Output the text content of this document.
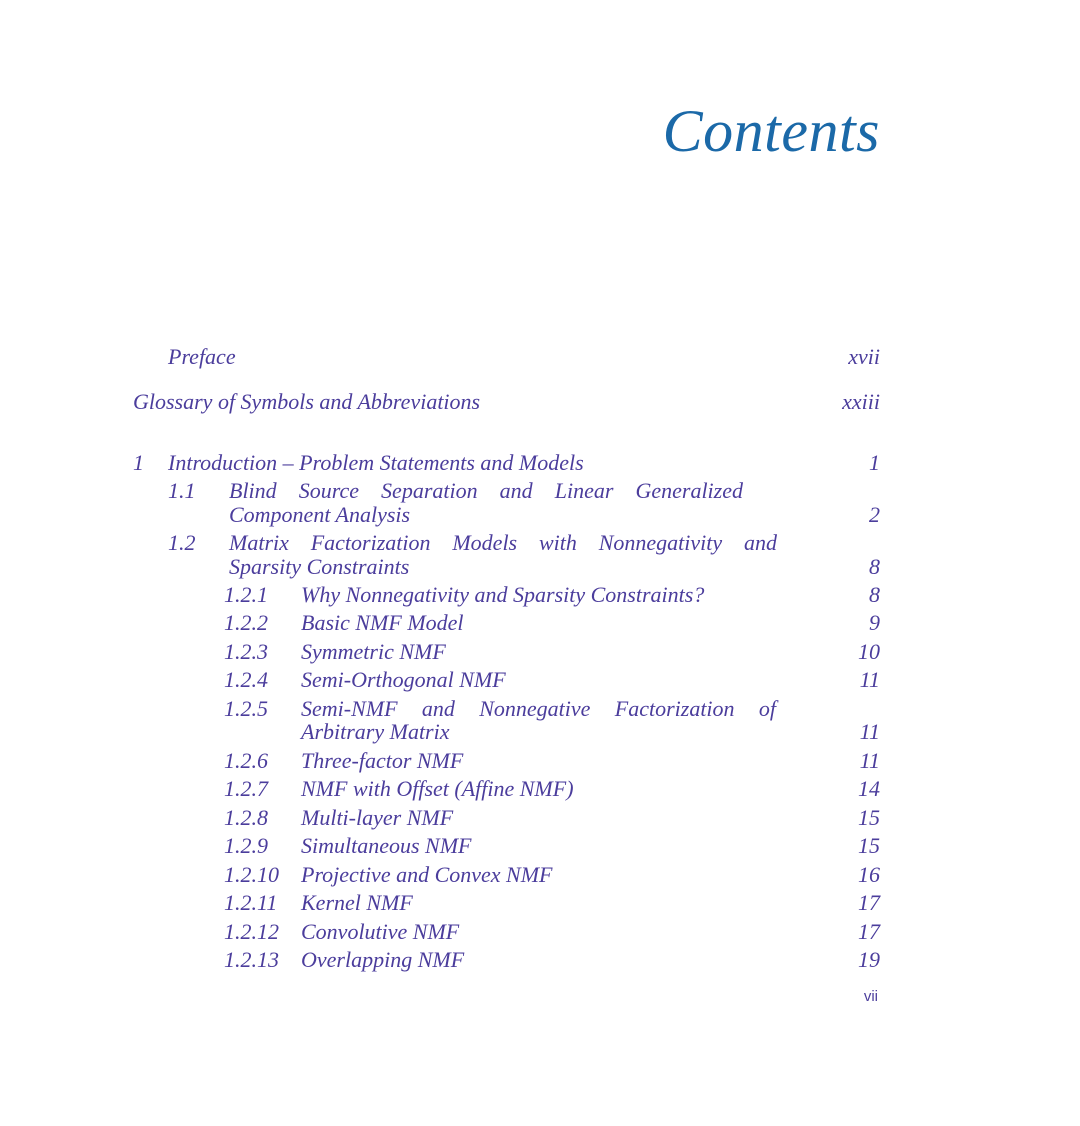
Contents
Preface	xvii
Glossary of Symbols and Abbreviations	xxiii
1 Introduction – Problem Statements and Models	1
1.1 Blind Source Separation and Linear Generalized
Component Analysis	2
1.2 Matrix Factorization Models with Nonnegativity and
Sparsity Constraints	8
1.2.1 Why Nonnegativity and Sparsity Constraints?	8
1.2.2 Basic NMF Model	9
1.2.3 Symmetric NMF	10
1.2.4 Semi-Orthogonal NMF	11
1.2.5 Semi-NMF and Nonnegative Factorization of
Arbitrary Matrix	11
1.2.6 Three-factor NMF	11
1.2.7 NMF with Offset (Affine NMF)	14
1.2.8 Multi-layer NMF	15
1.2.9 Simultaneous NMF	15
1.2.10 Projective and Convex NMF	16
1.2.11 Kernel NMF	17
1.2.12 Convolutive NMF	17
1.2.13 Overlapping NMF	19
vii
